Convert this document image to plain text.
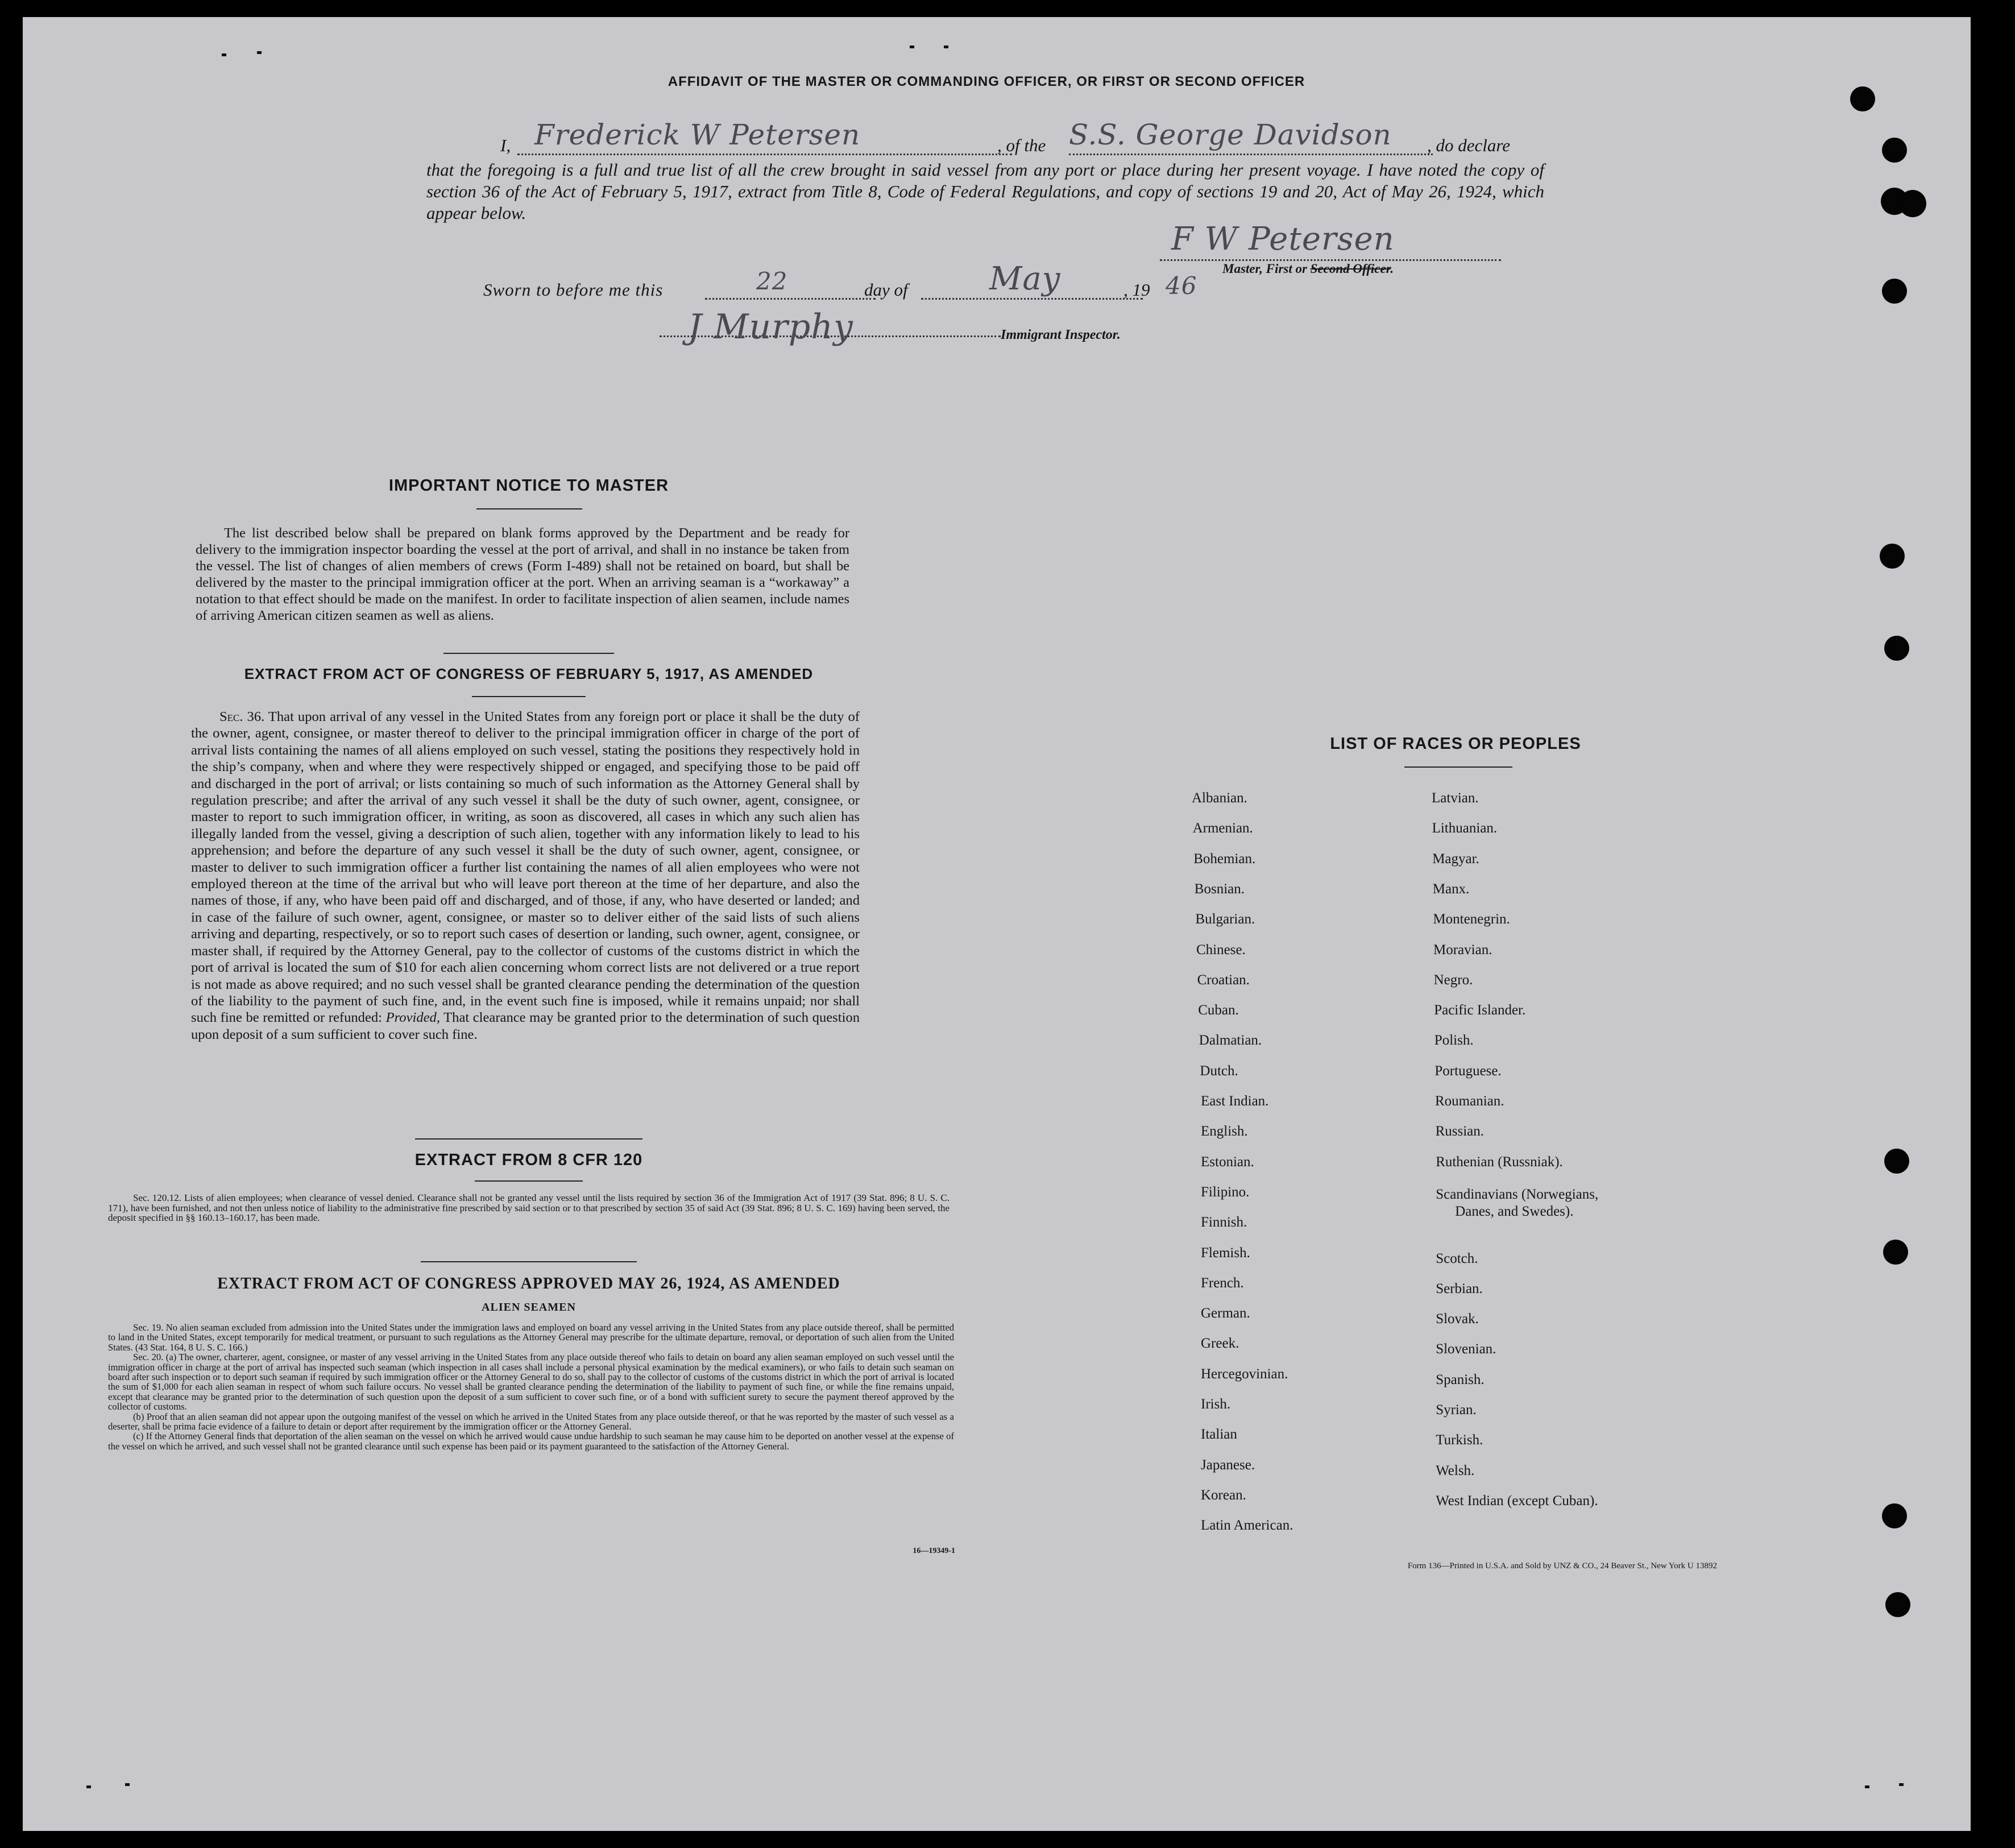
AFFIDAVIT OF THE MASTER OR COMMANDING OFFICER, OR FIRST OR SECOND OFFICER
I, Frederick W Petersen	, of the S.S. George Davidson	, do declare
that the foregoing is a full and true list of all the crew brought in said vessel from any port or place during her present voyage. I have noted the copy of section 36 of the Act of February 5, 1917, extract from Title 8, Code of Federal Regulations, and copy of sections 19 and 20, Act of May 26, 1924, which appear below.
F W Petersen
Master, First or Second Officer.
Sworn to before me this	22	day of	May	, 19 46
J Murphy	Immigrant Inspector.
IMPORTANT NOTICE TO MASTER
The list described below shall be prepared on blank forms approved by the Department and be ready for delivery to the immigration inspector boarding the vessel at the port of arrival, and shall in no instance be taken from the vessel. The list of changes of alien members of crews (Form I-489) shall not be retained on board, but shall be delivered by the master to the principal immigration officer at the port. When an arriving seaman is a “workaway” a notation to that effect should be made on the manifest. In order to facilitate inspection of alien seamen, include names of arriving American citizen seamen as well as aliens.
EXTRACT FROM ACT OF CONGRESS OF FEBRUARY 5, 1917, AS AMENDED
Sec. 36. That upon arrival of any vessel in the United States from any foreign port or place it shall be the duty of the owner, agent, consignee, or master thereof to deliver to the principal immigration officer in charge of the port of arrival lists containing the names of all aliens employed on such vessel, stating the positions they respectively hold in the ship’s company, when and where they were respectively shipped or engaged, and specifying those to be paid off and discharged in the port of arrival; or lists containing so much of such information as the Attorney General shall by regulation prescribe; and after the arrival of any such vessel it shall be the duty of such owner, agent, consignee, or master to report to such immigration officer, in writing, as soon as discovered, all cases in which any such alien has illegally landed from the vessel, giving a description of such alien, together with any information likely to lead to his apprehension; and before the departure of any such vessel it shall be the duty of such owner, agent, consignee, or master to deliver to such immigration officer a further list containing the names of all alien employees who were not employed thereon at the time of the arrival but who will leave port thereon at the time of her departure, and also the names of those, if any, who have been paid off and discharged, and of those, if any, who have deserted or landed; and in case of the failure of such owner, agent, consignee, or master so to deliver either of the said lists of such aliens arriving and departing, respectively, or so to report such cases of desertion or landing, such owner, agent, consignee, or master shall, if required by the Attorney General, pay to the collector of customs of the customs district in which the port of arrival is located the sum of $10 for each alien concerning whom correct lists are not delivered or a true report is not made as above required; and no such vessel shall be granted clearance pending the determination of the question of the liability to the payment of such fine, and, in the event such fine is imposed, while it remains unpaid; nor shall such fine be remitted or refunded: Provided, That clearance may be granted prior to the determination of such question upon deposit of a sum sufficient to cover such fine.
EXTRACT FROM 8 CFR 120
Sec. 120.12. Lists of alien employees; when clearance of vessel denied. Clearance shall not be granted any vessel until the lists required by section 36 of the Immigration Act of 1917 (39 Stat. 896; 8 U. S. C. 171), have been furnished, and not then unless notice of liability to the administrative fine prescribed by said section or to that prescribed by section 35 of said Act (39 Stat. 896; 8 U. S. C. 169) having been served, the deposit specified in §§ 160.13–160.17, has been made.
EXTRACT FROM ACT OF CONGRESS APPROVED MAY 26, 1924, AS AMENDED
ALIEN SEAMEN
Sec. 19. No alien seaman excluded from admission into the United States under the immigration laws and employed on board any vessel arriving in the United States from any place outside thereof, shall be permitted to land in the United States, except temporarily for medical treatment, or pursuant to such regulations as the Attorney General may prescribe for the ultimate departure, removal, or deportation of such alien from the United States. (43 Stat. 164, 8 U. S. C. 166.)
Sec. 20. (a) The owner, charterer, agent, consignee, or master of any vessel arriving in the United States from any place outside thereof who fails to detain on board any alien seaman employed on such vessel until the immigration officer in charge at the port of arrival has inspected such seaman (which inspection in all cases shall include a personal physical examination by the medical examiners), or who fails to detain such seaman on board after such inspection or to deport such seaman if required by such immigration officer or the Attorney General to do so, shall pay to the collector of customs of the customs district in which the port of arrival is located the sum of $1,000 for each alien seaman in respect of whom such failure occurs. No vessel shall be granted clearance pending the determination of the liability to payment of such fine, or while the fine remains unpaid, except that clearance may be granted prior to the determination of such question upon the deposit of a sum sufficient to cover such fine, or of a bond with sufficient surety to secure the payment thereof approved by the collector of customs.
(b) Proof that an alien seaman did not appear upon the outgoing manifest of the vessel on which he arrived in the United States from any place outside thereof, or that he was reported by the master of such vessel as a deserter, shall be prima facie evidence of a failure to detain or deport after requirement by the immigration officer or the Attorney General.
(c) If the Attorney General finds that deportation of the alien seaman on the vessel on which he arrived would cause undue hardship to such seaman he may cause him to be deported on another vessel at the expense of the vessel on which he arrived, and such vessel shall not be granted clearance until such expense has been paid or its payment guaranteed to the satisfaction of the Attorney General.
16—19349-1
LIST OF RACES OR PEOPLES
Albanian.
Armenian.
Bohemian.
Bosnian.
Bulgarian.
Chinese.
Croatian.
Cuban.
Dalmatian.
Dutch.
East Indian.
English.
Estonian.
Filipino.
Finnish.
Flemish.
French.
German.
Greek.
Hercegovinian.
Irish.
Italian
Japanese.
Korean.
Latin American.
Latvian.
Lithuanian.
Magyar.
Manx.
Montenegrin.
Moravian.
Negro.
Pacific Islander.
Polish.
Portuguese.
Roumanian.
Russian.
Ruthenian (Russniak).
Scandinavians (Norwegians,
Danes, and Swedes).
Scotch.
Serbian.
Slovak.
Slovenian.
Spanish.
Syrian.
Turkish.
Welsh.
West Indian (except Cuban).
Form 136—Printed in U.S.A. and Sold by UNZ & CO., 24 Beaver St., New York U 13892
